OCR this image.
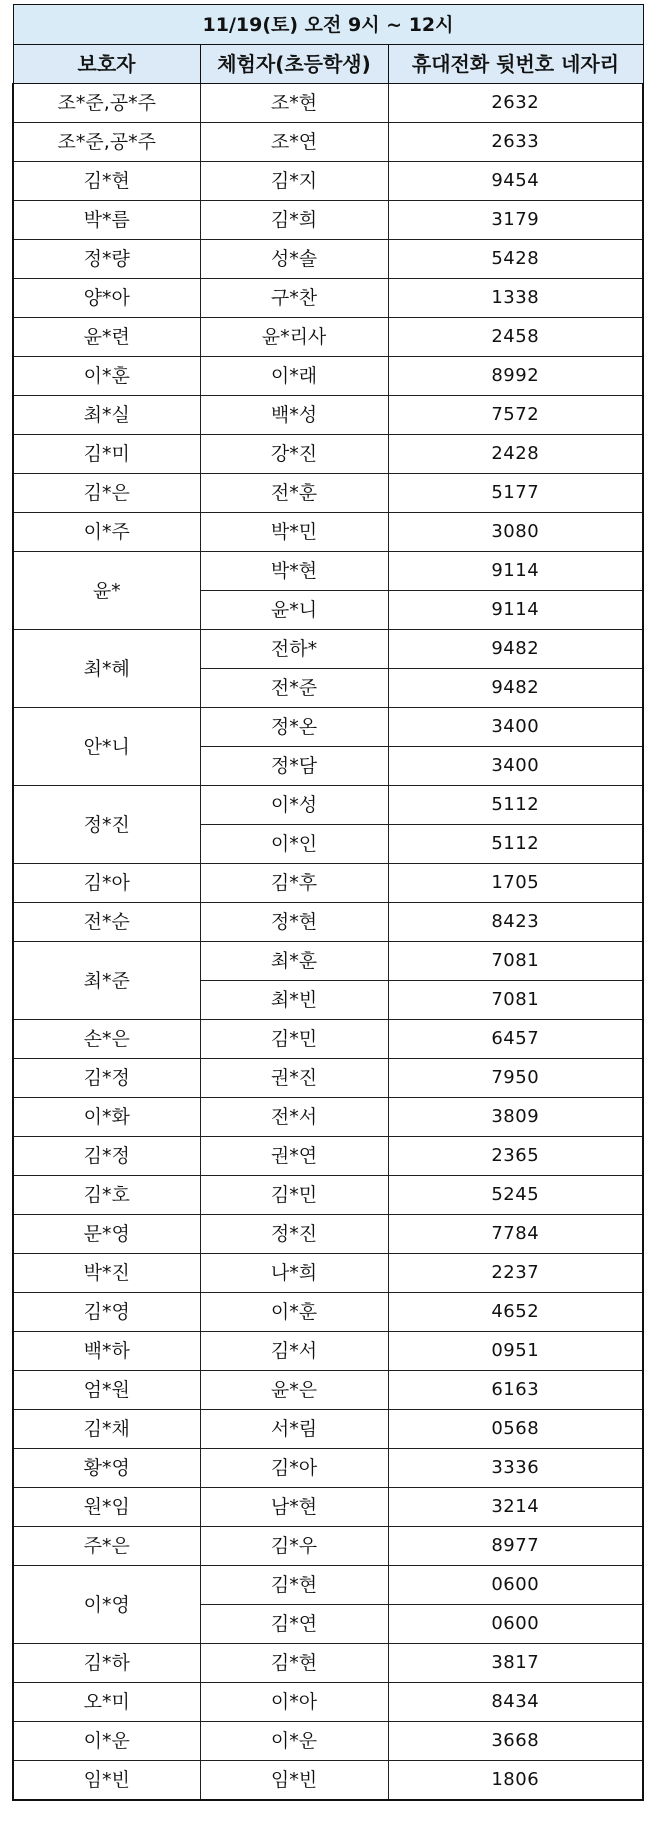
11/19(토) 오전 9시 ~ 12시		
보호자	체험자(초등학생)	휴대전화 뒷번호 네자리
조*준,공*주	조*현	2632
조*준,공*주	조*연	2633
김*현	김*지	9454
박*름	김*희	3179
정*량	성*솔	5428
양*아	구*찬	1338
윤*련	윤*리사	2458
이*훈	이*래	8992
최*실	백*성	7572
김*미	강*진	2428
김*은	전*훈	5177
이*주	박*민	3080
윤*	박*현	9114
	윤*니	9114
최*혜	전하*	9482
	전*준	9482
안*니	정*온	3400
	정*담	3400
정*진	이*성	5112
	이*인	5112
김*아	김*후	1705
전*순	정*현	8423
최*준	최*훈	7081
	최*빈	7081
손*은	김*민	6457
김*정	권*진	7950
이*화	전*서	3809
김*정	권*연	2365
김*호	김*민	5245
문*영	정*진	7784
박*진	나*희	2237
김*영	이*훈	4652
백*하	김*서	0951
엄*원	윤*은	6163
김*채	서*림	0568
황*영	김*아	3336
원*임	남*현	3214
주*은	김*우	8977
이*영	김*현	0600
	김*연	0600
김*하	김*현	3817
오*미	이*아	8434
이*운	이*운	3668
임*빈	임*빈	1806
